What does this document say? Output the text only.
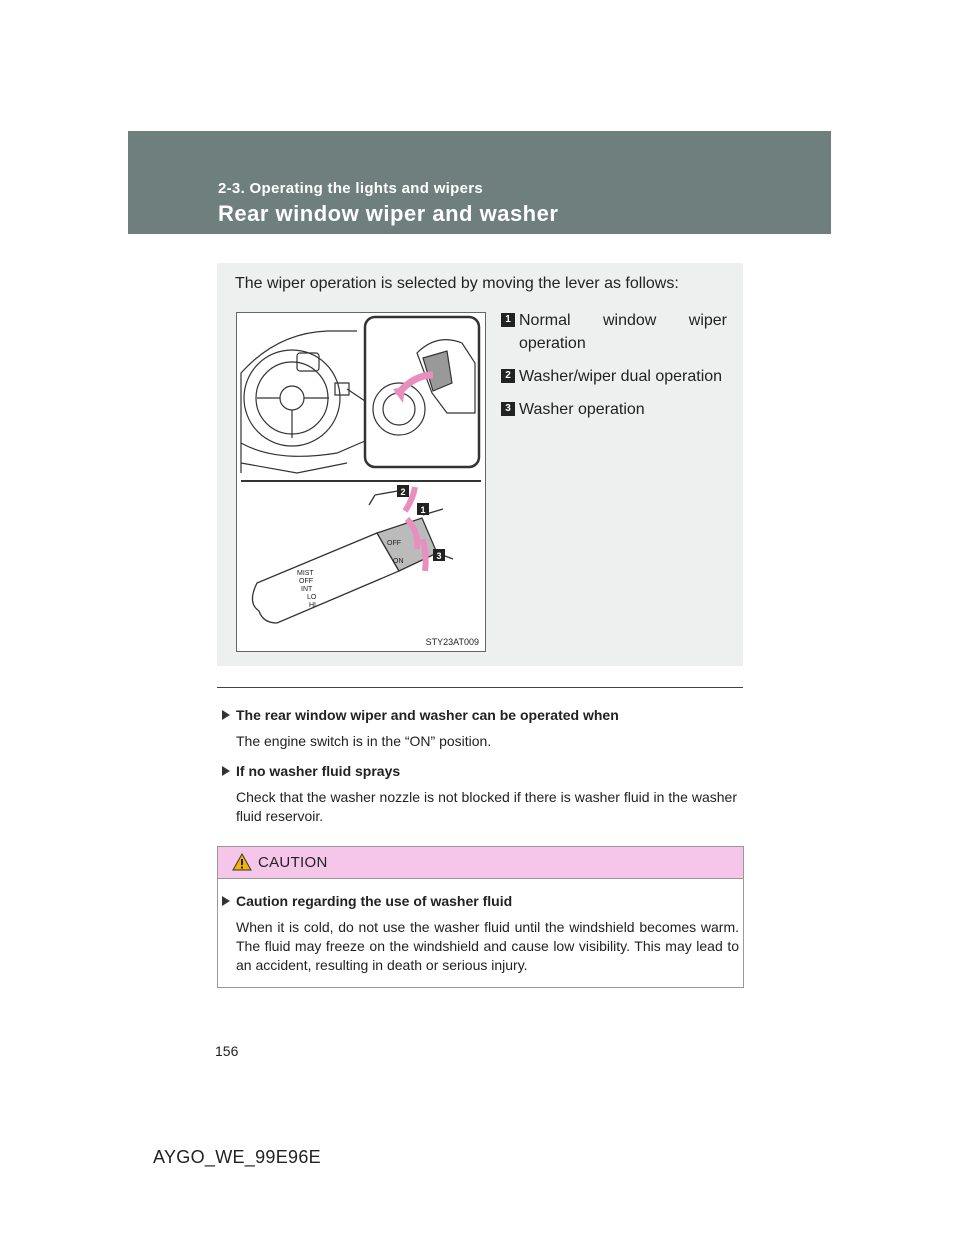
2-3. Operating the lights and wipers
Rear window wiper and washer
The wiper operation is selected by moving the lever as follows:
MIST
OFF
INT
LO
HI
OFF
ON
2
1
3
STY23AT009
1 Normal window wiper operation
2 Washer/wiper dual operation
3 Washer operation
The rear window wiper and washer can be operated when
The engine switch is in the “ON” position.
If no washer fluid sprays
Check that the washer nozzle is not blocked if there is washer fluid in the washer fluid reservoir.
CAUTION
Caution regarding the use of washer fluid
When it is cold, do not use the washer fluid until the windshield becomes warm. The fluid may freeze on the windshield and cause low visibility. This may lead to an accident, resulting in death or serious injury.
156
AYGO_WE_99E96E
